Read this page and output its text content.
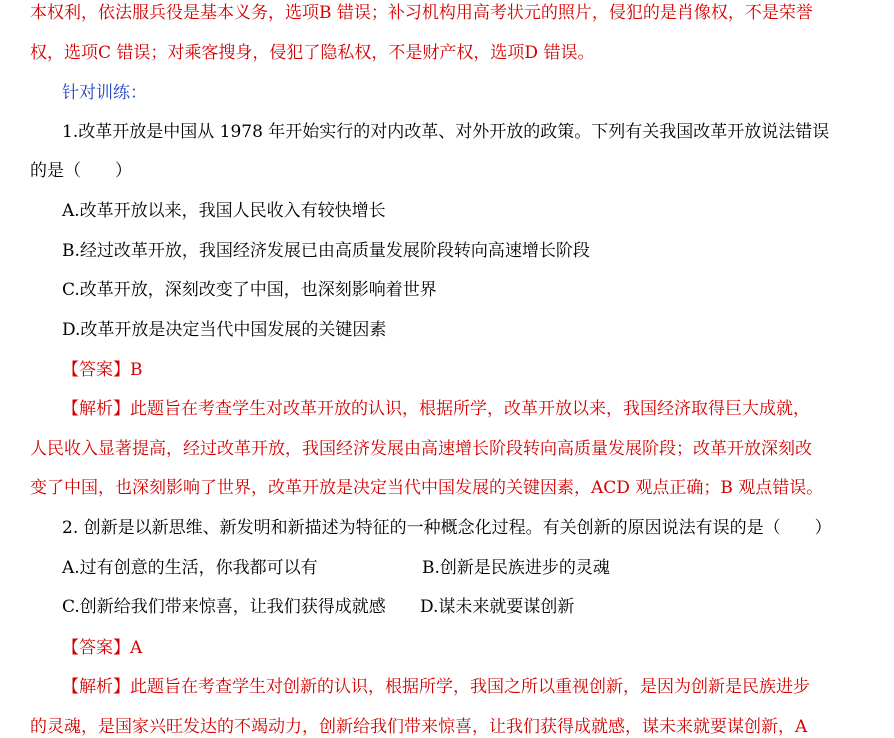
本权利，依法服兵役是基本义务，选项B 错误；补习机构用高考状元的照片，侵犯的是肖像权，不是荣誉
权，选项C 错误；对乘客搜身，侵犯了隐私权，不是财产权，选项D 错误。
针对训练：
1.改革开放是中国从 1978 年开始实行的对内改革、对外开放的政策。下列有关我国改革开放说法错误
的是（　　）
A.改革开放以来，我国人民收入有较快增长
B.经过改革开放，我国经济发展已由高质量发展阶段转向高速增长阶段
C.改革开放，深刻改变了中国，也深刻影响着世界
D.改革开放是决定当代中国发展的关键因素
【答案】B
【解析】此题旨在考查学生对改革开放的认识，根据所学，改革开放以来，我国经济取得巨大成就，
人民收入显著提高，经过改革开放，我国经济发展由高速增长阶段转向高质量发展阶段；改革开放深刻改
变了中国，也深刻影响了世界，改革开放是决定当代中国发展的关键因素，ACD 观点正确；B 观点错误。
2. 创新是以新思维、新发明和新描述为特征的一种概念化过程。有关创新的原因说法有误的是（　　）
A.过有创意的生活，你我都可以有	B.创新是民族进步的灵魂
C.创新给我们带来惊喜，让我们获得成就感 D.谋未来就要谋创新
【答案】A
【解析】此题旨在考查学生对创新的认识，根据所学，我国之所以重视创新，是因为创新是民族进步
的灵魂，是国家兴旺发达的不竭动力，创新给我们带来惊喜，让我们获得成就感，谋未来就要谋创新，A
